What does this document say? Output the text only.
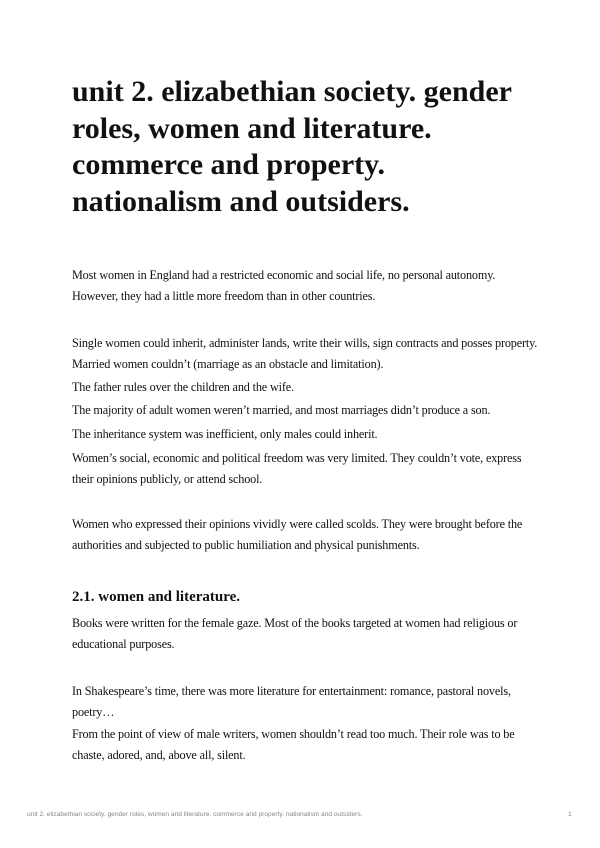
unit 2. elizabethian society. gender roles, women and literature. commerce and property. nationalism and outsiders.

Most women in England had a restricted economic and social life, no personal autonomy. However, they had a little more freedom than in other countries.

Single women could inherit, administer lands, write their wills, sign contracts and posses property. Married women couldn’t (marriage as an obstacle and limitation).

The father rules over the children and the wife.

The majority of adult women weren’t married, and most marriages didn’t produce a son.

The inheritance system was inefficient, only males could inherit.

Women’s social, economic and political freedom was very limited. They couldn’t vote, express their opinions publicly, or attend school.

Women who expressed their opinions vividly were called scolds. They were brought before the authorities and subjected to public humiliation and physical punishments.

2.1. women and literature.

Books were written for the female gaze. Most of the books targeted at women had religious or educational purposes.

In Shakespeare’s time, there was more literature for entertainment: romance, pastoral novels, poetry…

From the point of view of male writers, women shouldn’t read too much. Their role was to be chaste, adored, and, above all, silent.

unit 2. elizabethian society. gender roles, women and literature. commerce and property. nationalism and outsiders.	1
